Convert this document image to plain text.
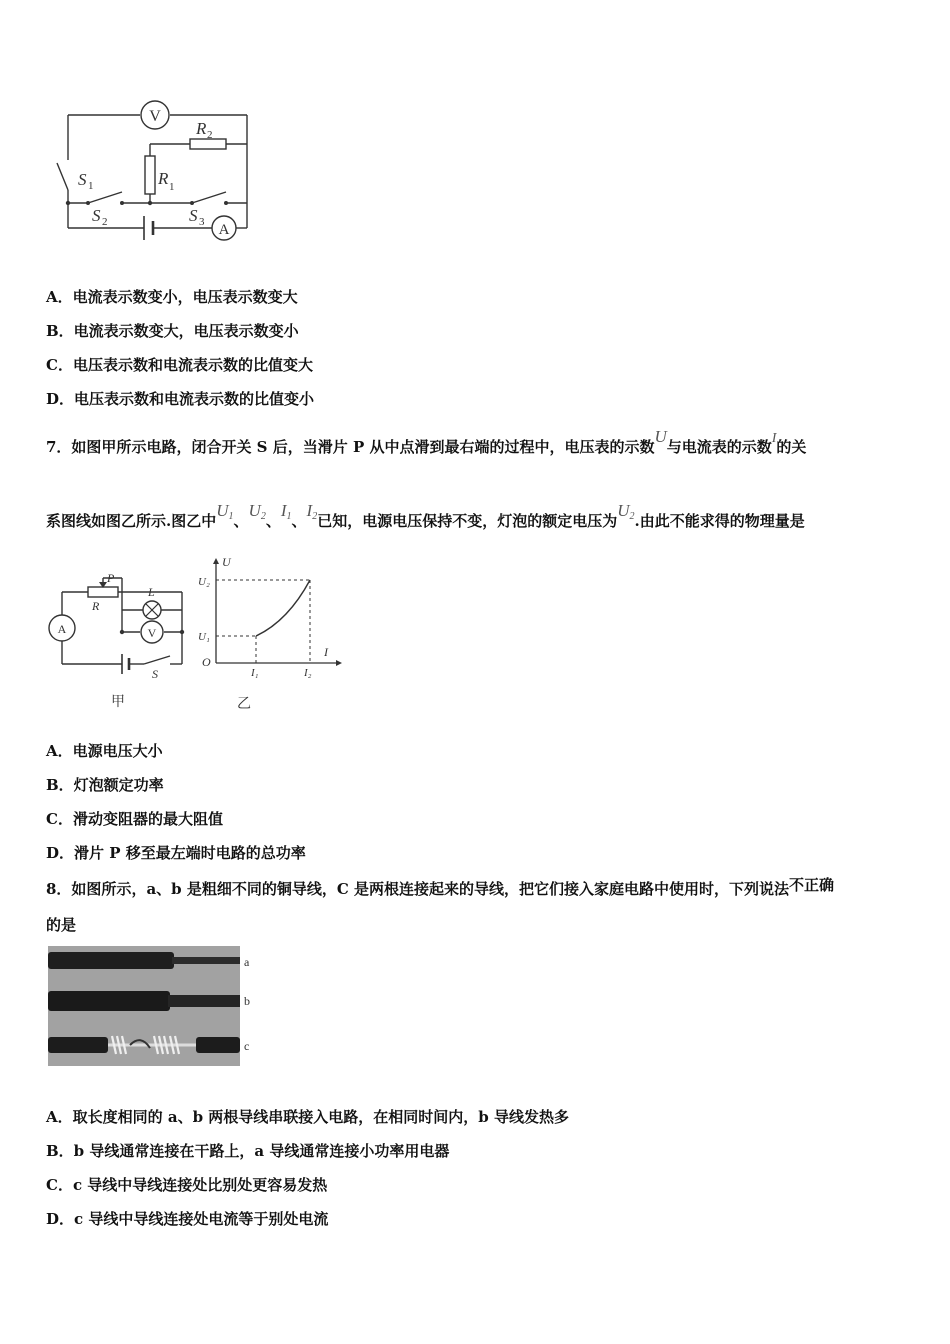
V
A
R 2
R 1
S 1
S 2	S 3
A．电流表示数变小，电压表示数变大
B．电流表示数变大，电压表示数变小
C．电压表示数和电流表示数的比值变大
D．电压表示数和电流表示数的比值变小
7．如图甲所示电路，闭合开关 S 后，当滑片 P 从中点滑到最右端的过程中，电压表的示数U与电流表的示数I的关
系图线如图乙所示.图乙中$U_1$、$U_2$、$I_1$、$I_2$已知，电源电压保持不变，灯泡的额定电压为$U_2$.由此不能求得的物理量是
A	V
P
R
L
S
甲
U
I
O
U₂
U₁
I₁	I₂
乙
A．电源电压大小
B．灯泡额定功率
C．滑动变阻器的最大阻值
D．滑片 P 移至最左端时电路的总功率
8．如图所示，a、b 是粗细不同的铜导线，C 是两根连接起来的导线，把它们接入家庭电路中使用时，下列说法不正确
的是
a
b
c
A．取长度相同的 a、b 两根导线串联接入电路，在相同时间内，b 导线发热多
B．b 导线通常连接在干路上，a 导线通常连接小功率用电器
C．c 导线中导线连接处比别处更容易发热
D．c 导线中导线连接处电流等于别处电流
